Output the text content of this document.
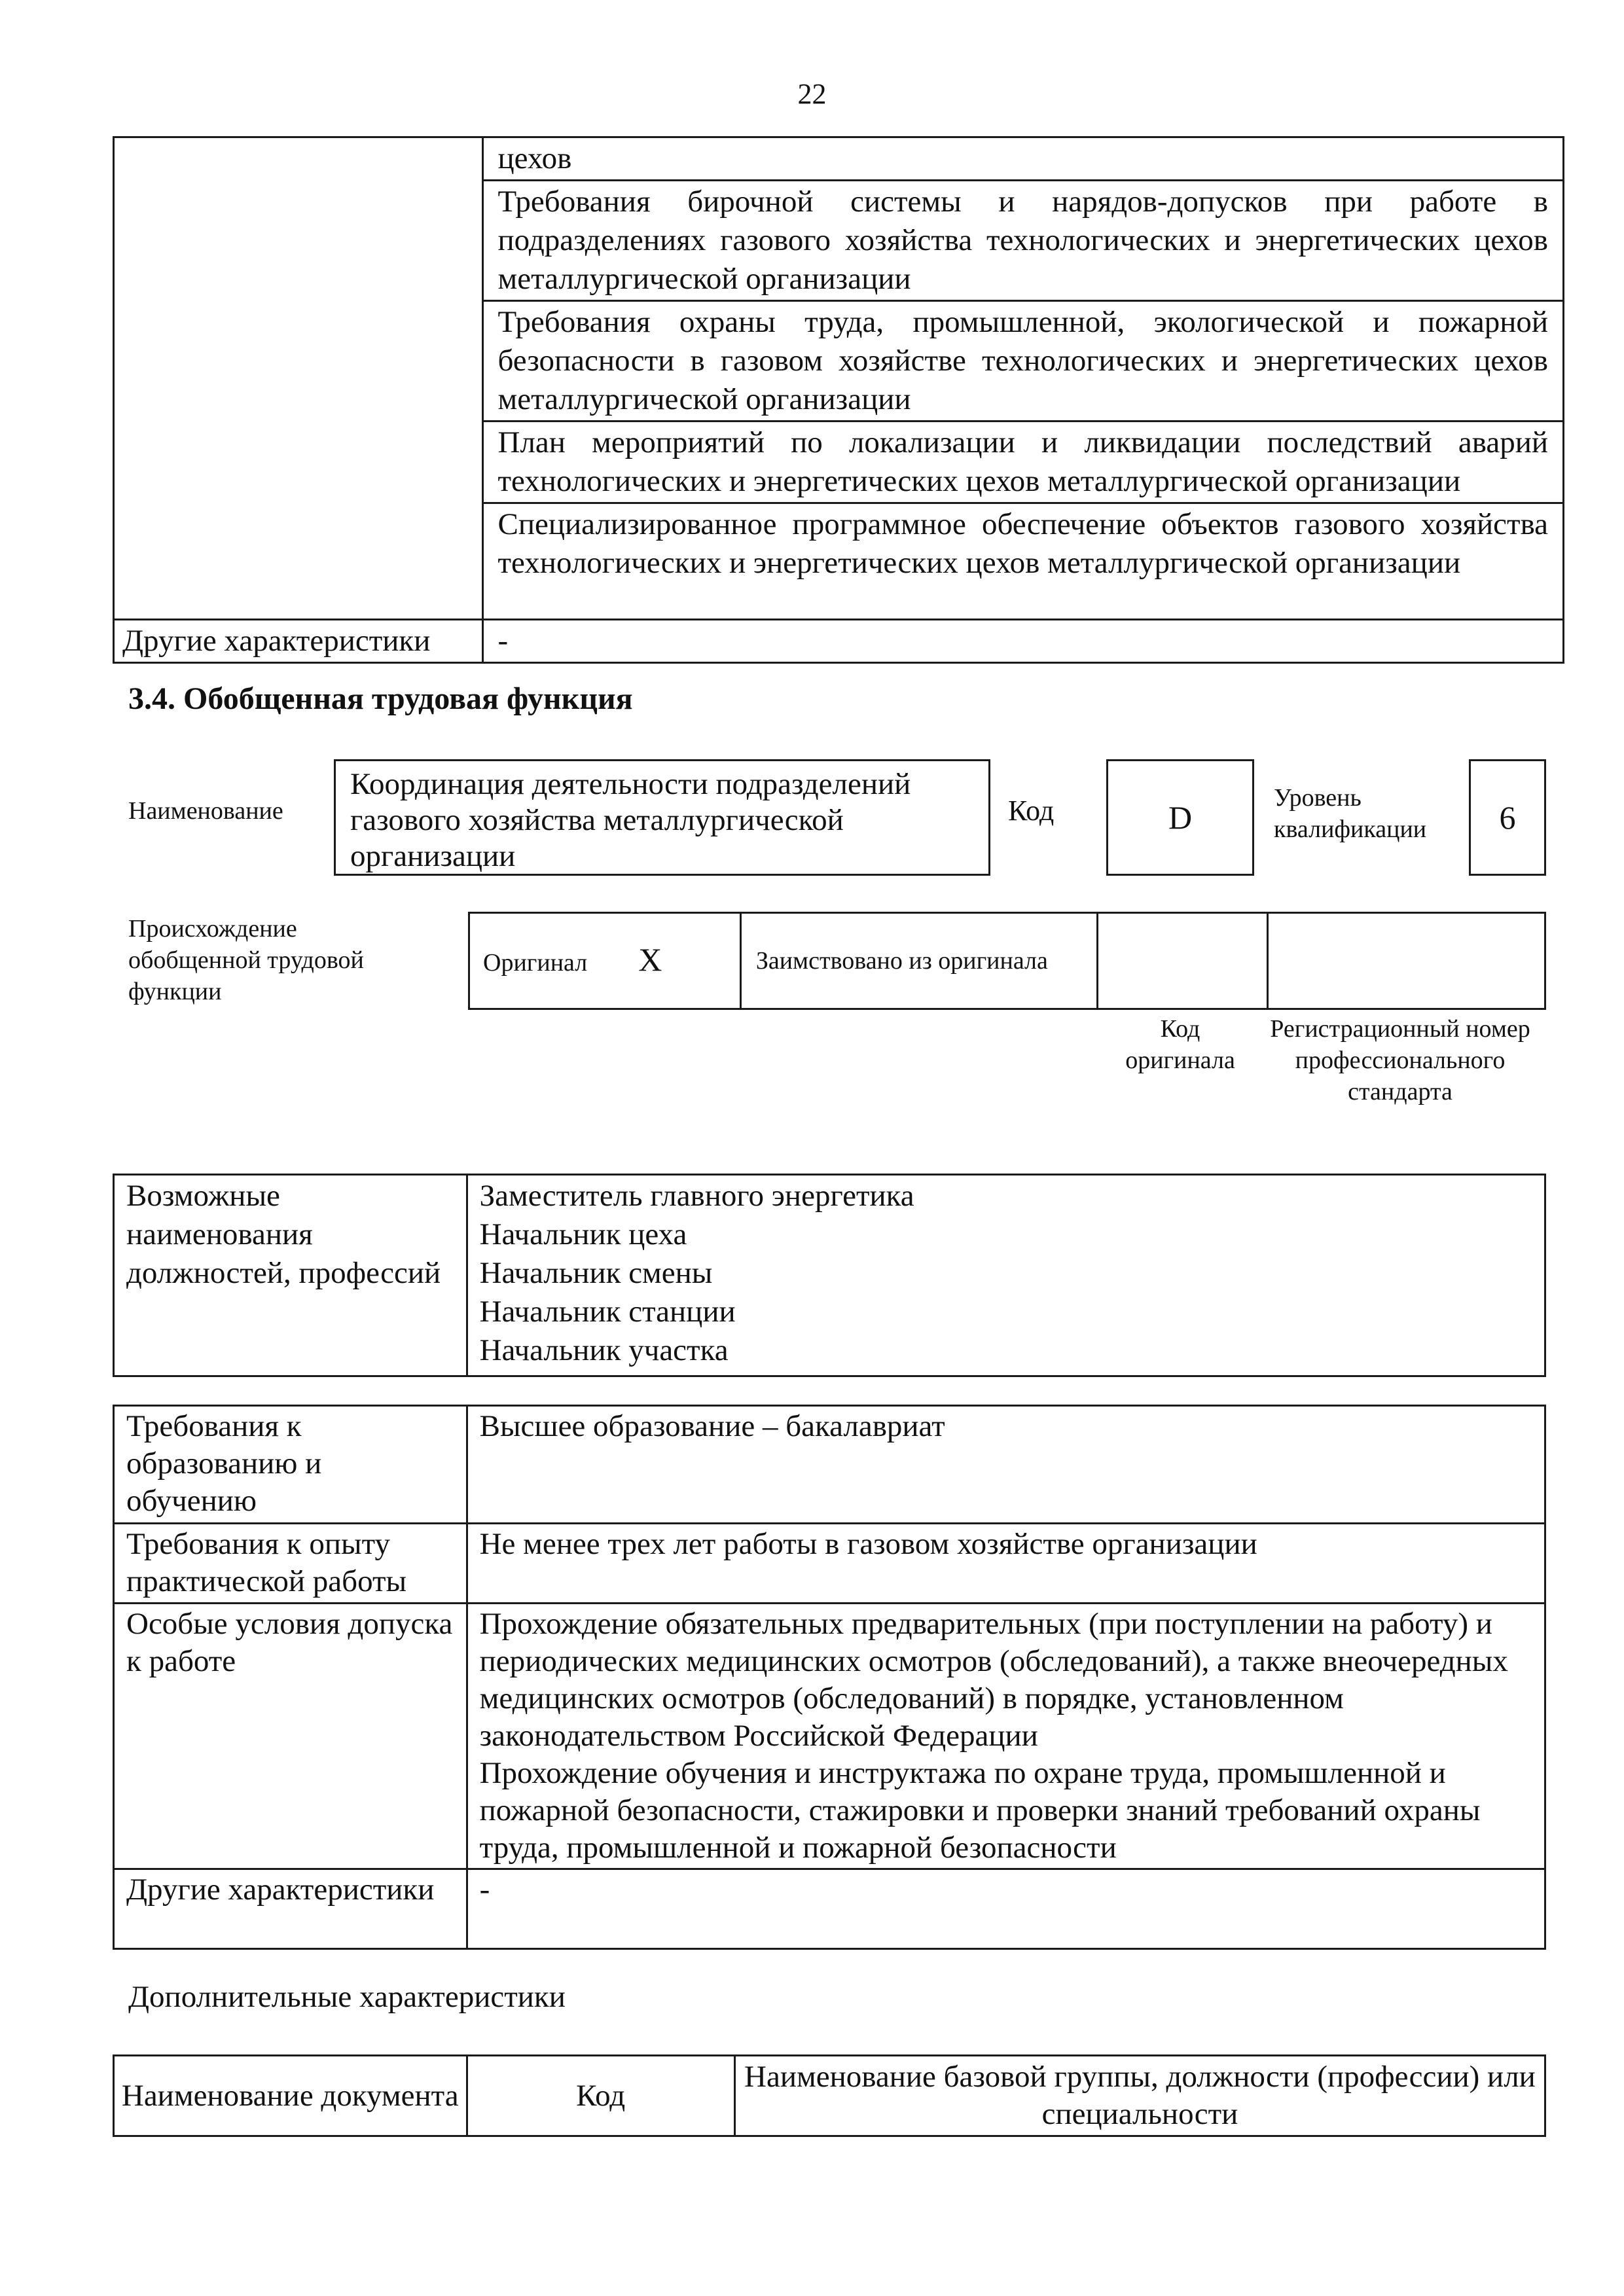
22
	цехов
	Требования бирочной системы и нарядов-допусков при работе в подразделениях газового хозяйства технологических и энергетических цехов металлургической организации
	Требования охраны труда, промышленной, экологической и пожарной безопасности в газовом хозяйстве технологических и энергетических цехов металлургической организации
	План мероприятий по локализации и ликвидации последствий аварий технологических и энергетических цехов металлургической организации
	Специализированное программное обеспечение объектов газового хозяйства технологических и энергетических цехов металлургической организации
Другие характеристики	-
3.4. Обобщенная трудовая функция
Наименование
Координация деятельности подразделений газового хозяйства металлургической организации
Код	D
Уровень квалификации	6
Происхождение обобщенной трудовой функции
Оригинал X	Заимствовано из оригинала		
Код оригинала
Регистрационный номер профессионального стандарта
Возможные наименования должностей, профессий	
Заместитель главного энергетика
Начальник цеха
Начальник смены
Начальник станции
Начальник участка
Требования к образованию и обучению	Высшее образование – бакалавриат
Требования к опыту практической работы	Не менее трех лет работы в газовом хозяйстве организации
Особые условия допуска к работе	Прохождение обязательных предварительных (при поступлении на работу) и периодических медицинских осмотров (обследований), а также внеочередных медицинских осмотров (обследований) в порядке, установленном законодательством Российской Федерации
Прохождение обучения и инструктажа по охране труда, промышленной и пожарной безопасности, стажировки и проверки знаний требований охраны труда, промышленной и пожарной безопасности

Другие характеристики	-
Дополнительные характеристики
Наименование документа	Код	Наименование базовой группы, должности (профессии) или специальности
